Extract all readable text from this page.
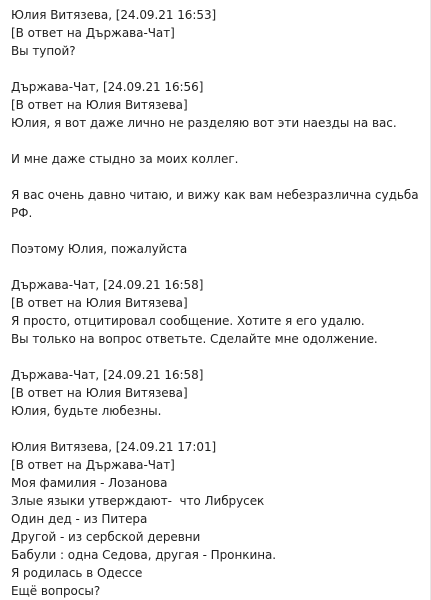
Юлия Витязева, [24.09.21 16:53]
[В ответ на Държава-Чат]
Вы тупой?
Държава-Чат, [24.09.21 16:56]
[В ответ на Юлия Витязева]
Юлия, я вот даже лично не разделяю вот эти наезды на вас.
И мне даже стыдно за моих коллег.
Я вас очень давно читаю, и вижу как вам небезразлична судьба
РФ.
Поэтому Юлия, пожалуйста
Държава-Чат, [24.09.21 16:58]
[В ответ на Юлия Витязева]
Я просто, отцитировал сообщение. Хотите я его удалю.
Вы только на вопрос ответьте. Сделайте мне одолжение.
Държава-Чат, [24.09.21 16:58]
[В ответ на Юлия Витязева]
Юлия, будьте любезны.
Юлия Витязева, [24.09.21 17:01]
[В ответ на Държава-Чат]
Моя фамилия - Лозанова
Злые языки утверждают-  что Либрусек
Один дед - из Питера
Другой - из сербской деревни
Бабули : одна Седова, другая - Пронкина.
Я родилась в Одессе
Ещё вопросы?
